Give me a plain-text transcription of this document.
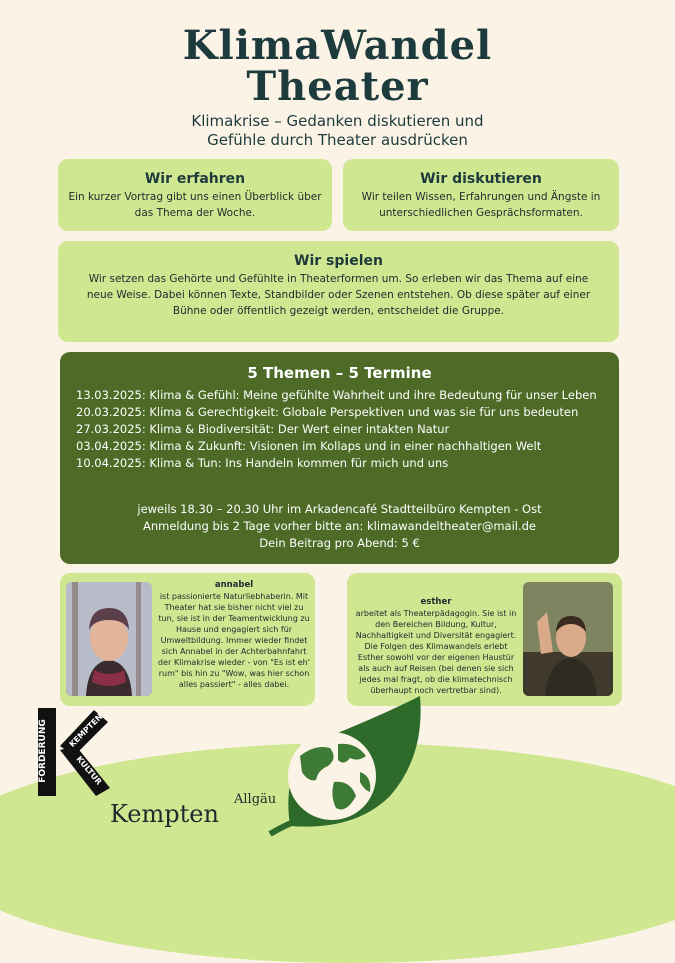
KlimaWandel
Theater
Klimakrise – Gedanken diskutieren und
Gefühle durch Theater ausdrücken
Wir erfahren

Ein kurzer Vortrag gibt uns einen Überblick über das Thema der Woche.

Wir diskutieren

Wir teilen Wissen, Erfahrungen und Ängste in unterschiedlichen Gesprächsformaten.

Wir spielen

Wir setzen das Gehörte und Gefühlte in Theaterformen um. So erleben wir das Thema auf eine neue Weise. Dabei können Texte, Standbilder oder Szenen entstehen. Ob diese später auf einer Bühne oder öffentlich gezeigt werden, entscheidet die Gruppe.

5 Themen – 5 Termine
13.03.2025: Klima & Gefühl: Meine gefühlte Wahrheit und ihre Bedeutung für unser Leben
20.03.2025: Klima & Gerechtigkeit: Globale Perspektiven und was sie für uns bedeuten
27.03.2025: Klima & Biodiversität: Der Wert einer intakten Natur
03.04.2025: Klima & Zukunft: Visionen im Kollaps und in einer nachhaltigen Welt
10.04.2025: Klima & Tun: Ins Handeln kommen für mich und uns
jeweils 18.30 – 20.30 Uhr im Arkadencafé Stadtteilbüro Kempten - Ost
Anmeldung bis 2 Tage vorher bitte an: klimawandeltheater@mail.de
Dein Beitrag pro Abend: 5 €
annabel
ist passionierte Naturliebhaberin. Mit Theater hat sie bisher nicht viel zu tun, sie ist in der Teamentwicklung zu Hause und engagiert sich für Umweltbildung. Immer wieder findet sich Annabel in der Achterbahnfahrt der Klimakrise wieder - von "Es ist eh' rum" bis hin zu "Wow, was hier schon alles passiert" - alles dabei.
esther
arbeitet als Theaterpädagogin. Sie ist in den Bereichen Bildung, Kultur, Nachhaltigkeit und Diversität engagiert. Die Folgen des Klimawandels erlebt Esther sowohl vor der eigenen Haustür als auch auf Reisen (bei denen sie sich jedes mal fragt, ob die klimatechnisch überhaupt noch vertretbar sind).
FÖRDERUNG	KEMPTEN
KULTUR
Kempten
Allgäu
